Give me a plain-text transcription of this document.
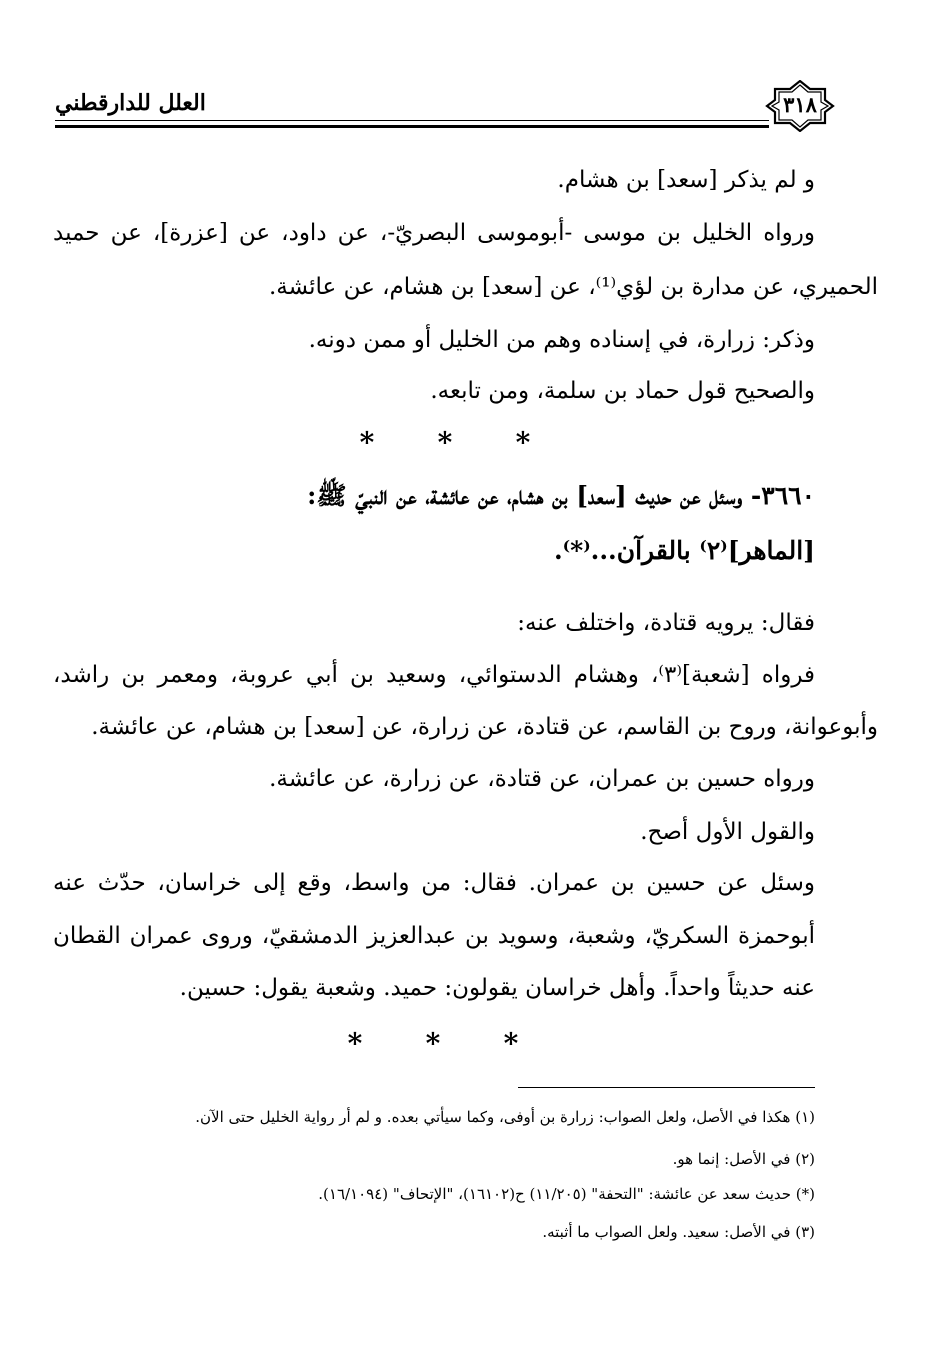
٣١٨
العلل للدارقطني
و لم يذكر [سعد] بن هشام.
ورواه الخليل بن موسى -أبوموسى البصريّ-، عن داود، عن [عزرة]، عن حميد
الحميري، عن مدارة بن لؤي⁽¹⁾، عن [سعد] بن هشام، عن عائشة.
وذكر: زرارة، في إسناده وهم من الخليل أو ممن دونه.
والصحيح قول حماد بن سلمة، ومن تابعه.
***
٣٦٦٠- وسئل عن حديث [سعد] بن هشام، عن عائشة، عن النبيّ ﷺ:
[الماهر]⁽٢⁾ بالقرآن...⁽*⁾.
فقال: يرويه قتادة، واختلف عنه:
فرواه [شعبة]⁽٣⁾، وهشام الدستوائي، وسعيد بن أبي عروبة، ومعمر بن راشد،
وأبوعوانة، وروح بن القاسم، عن قتادة، عن زرارة، عن [سعد] بن هشام، عن عائشة.
ورواه حسين بن عمران، عن قتادة، عن زرارة، عن عائشة.
والقول الأول أصح.
وسئل عن حسين بن عمران. فقال: من واسط، وقع إلى خراسان، حدّث عنه
أبوحمزة السكريّ، وشعبة، وسويد بن عبدالعزيز الدمشقيّ، وروى عمران القطان
عنه حديثاً واحداً. وأهل خراسان يقولون: حميد. وشعبة يقول: حسين.
***
(١) هكذا في الأصل، ولعل الصواب: زرارة بن أوفى، وكما سيأتي بعده. و لم أر رواية الخليل حتى الآن.
(٢) في الأصل: إنما هو.
(*) حديث سعد عن عائشة: "التحفة" (١١/٢٠٥) ح(١٦١٠٢)، "الإتحاف" (١٦/١٠٩٤).
(٣) في الأصل: سعيد. ولعل الصواب ما أثبته.
